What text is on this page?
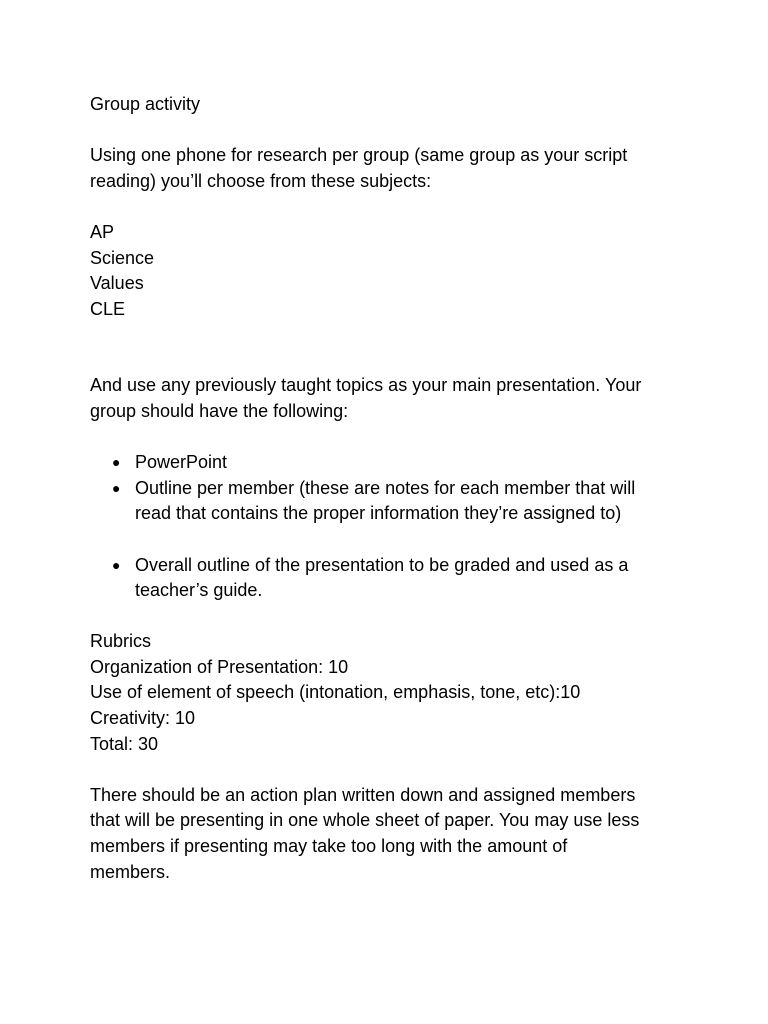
Group activity

Using one phone for research per group (same group as your script
reading) you’ll choose from these subjects:
AP
Science
Values
CLE
And use any previously taught topics as your main presentation. Your
group should have the following:
● PowerPoint
● Outline per member (these are notes for each member that will
read that contains the proper information they’re assigned to)
● Overall outline of the presentation to be graded and used as a
teacher’s guide.
Rubrics
Organization of Presentation: 10
Use of element of speech (intonation, emphasis, tone, etc):10
Creativity: 10
Total: 30
There should be an action plan written down and assigned members
that will be presenting in one whole sheet of paper. You may use less
members if presenting may take too long with the amount of
members.
